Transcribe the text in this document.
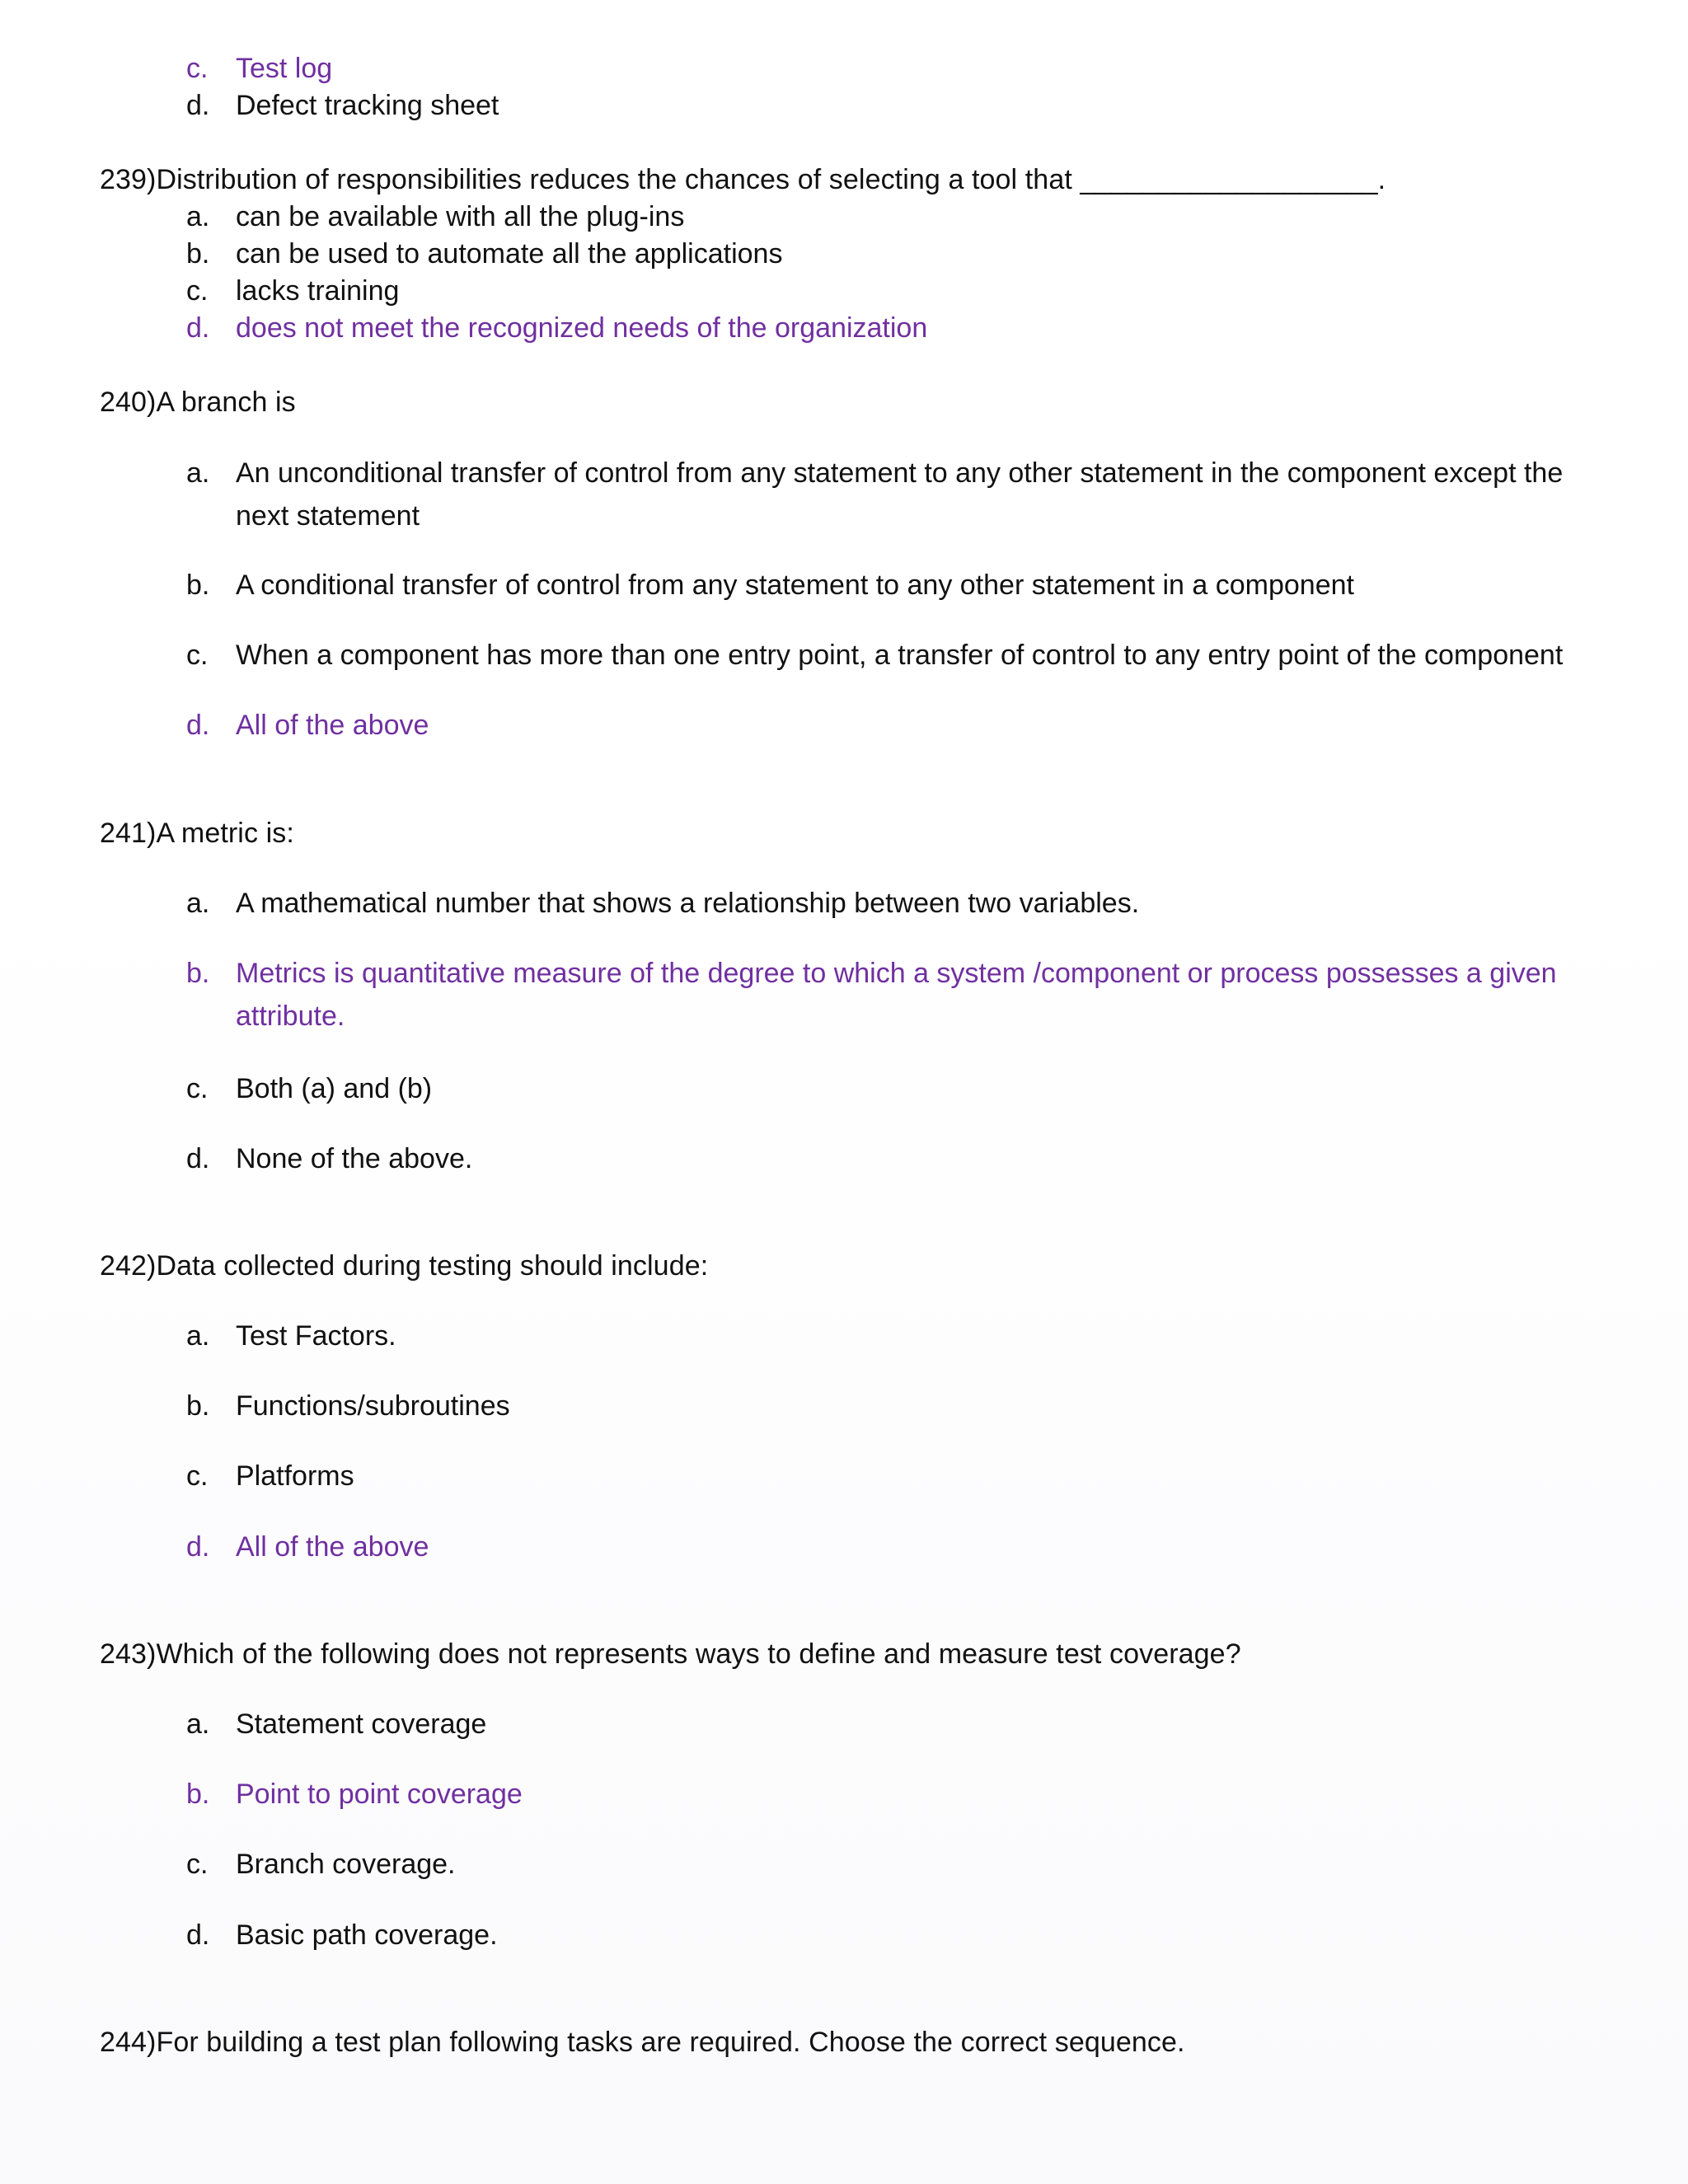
c. Test log
d. Defect tracking sheet
239)Distribution of responsibilities reduces the chances of selecting a tool that ___________________.
a. can be available with all the plug-ins
b. can be used to automate all the applications
c. lacks training
d. does not meet the recognized needs of the organization
240)A branch is
a. An unconditional transfer of control from any statement to any other statement in the component except the next statement
b. A conditional transfer of control from any statement to any other statement in a component
c. When a component has more than one entry point, a transfer of control to any entry point of the component
d. All of the above
241)A metric is:
a. A mathematical number that shows a relationship between two variables.
b. Metrics is quantitative measure of the degree to which a system /component or process possesses a given attribute.
c. Both (a) and (b)
d. None of the above.
242)Data collected during testing should include:
a. Test Factors.
b. Functions/subroutines
c. Platforms
d. All of the above
243)Which of the following does not represents ways to define and measure test coverage?
a. Statement coverage
b. Point to point coverage
c. Branch coverage.
d. Basic path coverage.
244)For building a test plan following tasks are required. Choose the correct sequence.
